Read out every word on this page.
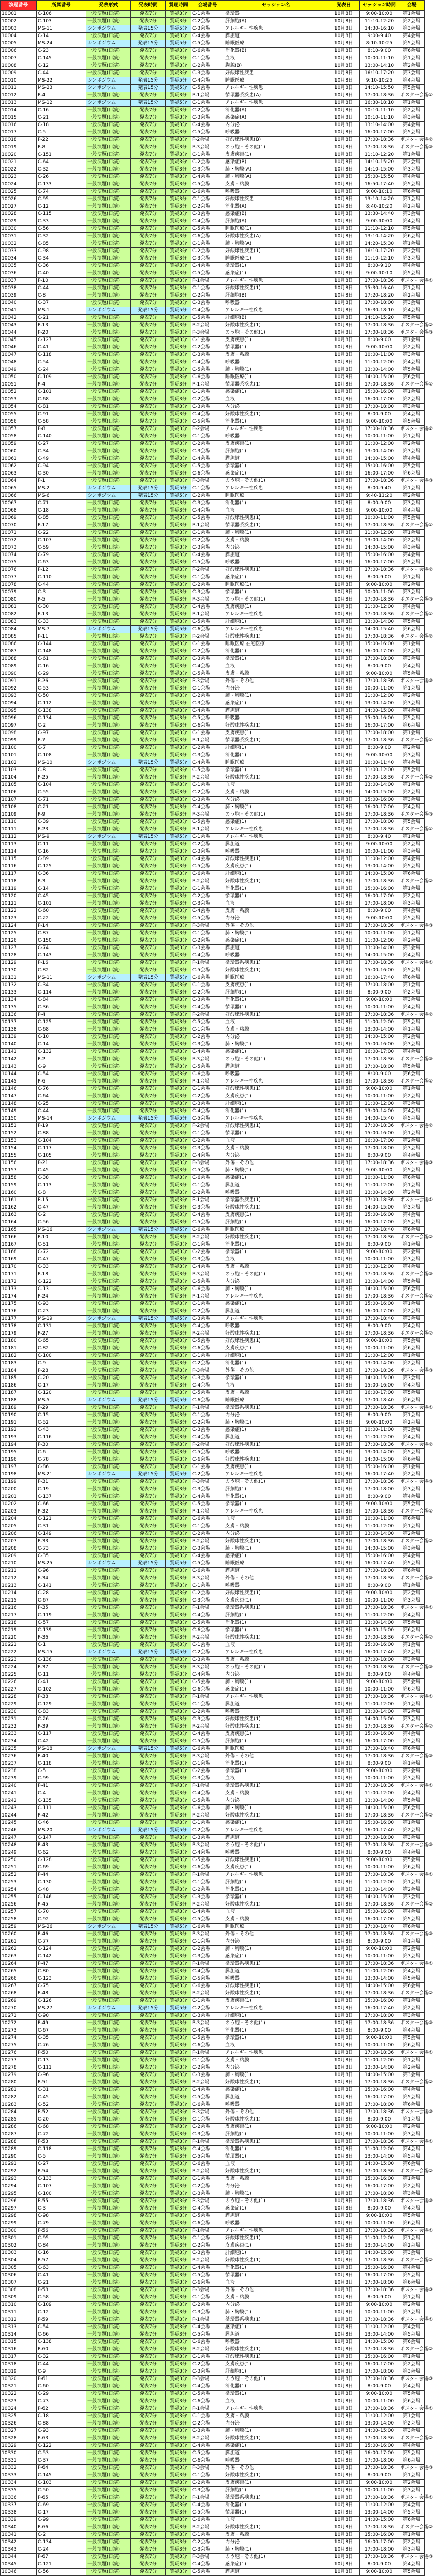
演題番号	所属番号	発表形式	発表時間	質疑時間	会場番号	セッション名	発表日	セッション時間	会場
10001	C-106	一般演題(口演)	発表7分	質疑3分	C-1会場	循環器	10月8日	9:00-10:00	第1会場
10002	C-103	一般演題(口演)	発表7分	質疑3分	C-2会場	肝細胞(A)	10月8日	11:10-12:20	第2会場
10003	MS-11	シンポジウム	発表15分	質疑5分	C-3会場	アレルギー性疾患	10月8日	14:30-16:10	第3会場
10004	C-14	一般演題(口演)	発表7分	質疑3分	C-4会場	膵胆道	10月8日	9:00-9:40	第4会場
10005	MS-24	シンポジウム	発表15分	質疑5分	C-5会場	睡眠医療	10月8日	8:10-10:25	第5会場
10006	C-23	一般演題(口演)	発表7分	質疑3分	C-6会場	消化器(B)	10月8日	8:10-9:00	第6会場
10007	C-145	一般演題(口演)	発表7分	質疑3分	C-1会場	血液	10月8日	10:00-11:10	第1会場
10008	C-12	一般演題(口演)	発表7分	質疑3分	C-2会場	胸腺(B)	10月8日	13:00-14:10	第2会場
10009	C-44	一般演題(口演)	発表7分	質疑3分	C-3会場	好酸球性疾患	10月8日	16:10-17:20	第3会場
10010	MS-22	シンポジウム	発表15分	質疑5分	C-4会場	睡眠医療	10月8日	9:10-10:25	第4会場
10011	MS-23	シンポジウム	発表15分	質疑5分	C-5会場	アレルギー性疾患	10月8日	14:10-15:50	第5会場
10012	P-4	一般演題(口演)	発表7分	質疑3分	P-1会場	循環器系疾患(A)	10月8日	17:00-18:36	ポスター会場①
10013	MS-12	シンポジウム	発表15分	質疑5分	C-1会場	アレルギー性疾患	10月8日	16:30-18:10	第1会場
10014	C-16	一般演題(口演)	発表7分	質疑3分	C-2会場	消化器(A)	10月8日	10:10-11:10	第2会場
10015	C-21	一般演題(口演)	発表7分	質疑3分	C-3会場	感染症(A)	10月8日	10:10-11:10	第3会場
10016	C-18	一般演題(口演)	発表7分	質疑3分	C-4会場	内分泌	10月8日	13:10-14:00	第4会場
10017	C-5	一般演題(口演)	発表7分	質疑3分	C-5会場	呼吸器	10月8日	16:00-17:00	第5会場
10018	P-22	一般演題(口演)	発表7分	質疑3分	P-2会場	好酸球性疾患(B)	10月8日	17:00-18:36	ポスター会場②
10019	P-8	一般演題(口演)	発表7分	質疑3分	P-3会場	のう胞・その他(1)	10月8日	17:00-18:36	ポスター会場③
10020	C-151	一般演題(口演)	発表7分	質疑3分	C-1会場	皮膚疾患(1)	10月8日	11:10-12:20	第1会場
10021	C-64	一般演題(口演)	発表7分	質疑3分	C-2会場	感染症(B)	10月8日	14:10-15:20	第2会場
10022	C-32	一般演題(口演)	発表7分	質疑3分	C-3会場	肺・胸膜(A)	10月8日	14:10-15:00	第3会場
10023	C-26	一般演題(口演)	発表7分	質疑3分	C-4会場	肺・胸膜(A)	10月8日	15:00-15:50	第4会場
10024	C-133	一般演題(口演)	発表7分	質疑3分	C-5会場	皮膚・粘膜	10月8日	16:50-17:40	第5会場
10025	C-74	一般演題(口演)	発表7分	質疑3分	C-6会場	呼吸器	10月8日	9:00-10:10	第6会場
10026	C-95	一般演題(口演)	発表7分	質疑3分	C-1会場	好酸球性疾患	10月8日	13:10-14:20	第1会場
10027	C-12	一般演題(口演)	発表7分	質疑3分	C-2会場	消化器(A)	10月8日	8:40-10:20	第2会場
10028	C-115	一般演題(口演)	発表7分	質疑3分	C-3会場	感染症(B)	10月8日	13:30-14:40	第3会場
10029	C-33	一般演題(口演)	発表7分	質疑3分	C-4会場	肝細胞(A)	10月8日	9:00-10:00	第4会場
10030	C-56	一般演題(口演)	発表7分	質疑3分	C-5会場	睡眠医療(1)	10月8日	11:10-12:10	第5会場
10031	C-32	一般演題(口演)	発表7分	質疑3分	C-6会場	好酸球性疾患(A)	10月8日	13:10-14:20	第6会場
10032	C-85	一般演題(口演)	発表7分	質疑3分	C-1会場	肺・胸膜(A)	10月8日	14:20-15:30	第1会場
10033	C-98	一般演題(口演)	発表7分	質疑3分	C-2会場	好酸球性疾患(1)	10月8日	16:10-17:20	第2会場
10034	C-34	一般演題(口演)	発表7分	質疑3分	C-3会場	睡眠医療(1)	10月8日	11:10-12:10	第3会場
10035	C-36	一般演題(口演)	発表7分	質疑3分	C-4会場	循環器(1)	10月8日	8:00-9:10	第4会場
10036	C-40	一般演題(口演)	発表7分	質疑3分	C-5会場	感染症(1)	10月8日	9:00-10:10	第5会場
10037	P-10	一般演題(口演)	発表7分	質疑3分	P-1会場	アレルギー性疾患	10月8日	17:00-18:36	ポスター会場①
10038	C-44	一般演題(口演)	発表7分	質疑3分	C-1会場	好酸球性疾患(1)	10月8日	15:30-16:40	第1会場
10039	C-8	一般演題(口演)	発表7分	質疑3分	C-2会場	肝細胞(B)	10月8日	17:20-18:20	第2会場
10040	C-37	一般演題(口演)	発表7分	質疑3分	C-3会場	呼吸器	10月8日	17:00-18:00	第3会場
10041	MS-1	シンポジウム	発表15分	質疑5分	C-4会場	アレルギー性疾患	10月8日	16:30-18:10	第4会場
10042	C-21	一般演題(口演)	発表7分	質疑3分	C-5会場	肝細胞(B)	10月8日	14:10-15:20	第5会場
10043	P-13	一般演題(口演)	発表7分	質疑3分	P-2会場	好酸球性疾患(1)	10月8日	17:00-18:36	ポスター会場②
10044	P-20	一般演題(口演)	発表7分	質疑3分	P-3会場	のう胞・その他(1)	10月8日	17:00-18:36	ポスター会場③
10045	C-127	一般演題(口演)	発表7分	質疑3分	C-1会場	皮膚疾患(1)	10月8日	8:00-9:00	第1会場
10046	C-41	一般演題(口演)	発表7分	質疑3分	C-2会場	循環器(1)	10月8日	9:00-10:00	第2会場
10047	C-118	一般演題(口演)	発表7分	質疑3分	C-3会場	皮膚・粘膜	10月8日	10:00-11:00	第3会場
10048	C-54	一般演題(口演)	発表7分	質疑3分	C-4会場	呼吸器	10月8日	11:00-12:00	第4会場
10049	C-24	一般演題(口演)	発表7分	質疑3分	C-5会場	肺・胸膜(1)	10月8日	13:00-14:00	第5会場
10050	C-109	一般演題(口演)	発表7分	質疑3分	C-6会場	睡眠医療(1)	10月8日	14:00-15:00	第6会場
10051	P-4	一般演題(口演)	発表7分	質疑3分	P-1会場	循環器系疾患(1)	10月8日	17:00-18:36	ポスター会場①
10052	C-101	一般演題(口演)	発表7分	質疑3分	C-1会場	感染症(1)	10月8日	15:00-16:00	第1会場
10053	C-68	一般演題(口演)	発表7分	質疑3分	C-2会場	血液	10月8日	16:00-17:00	第2会場
10054	C-81	一般演題(口演)	発表7分	質疑3分	C-3会場	内分泌	10月8日	17:00-18:00	第3会場
10055	C-91	一般演題(口演)	発表7分	質疑3分	C-4会場	好酸球性疾患(1)	10月8日	8:00-9:00	第4会場
10056	C-58	一般演題(口演)	発表7分	質疑3分	C-5会場	消化器(1)	10月8日	9:00-10:00	第5会場
10057	P-8	一般演題(口演)	発表7分	質疑3分	P-2会場	アレルギー性疾患	10月8日	17:00-18:36	ポスター会場②
10058	C-140	一般演題(口演)	発表7分	質疑3分	C-1会場	呼吸器	10月8日	10:00-11:00	第1会場
10059	C-27	一般演題(口演)	発表7分	質疑3分	C-2会場	皮膚疾患(1)	10月8日	11:00-12:00	第2会場
10060	C-34	一般演題(口演)	発表7分	質疑3分	C-3会場	肝細胞(1)	10月8日	13:00-14:00	第3会場
10061	C-49	一般演題(口演)	発表7分	質疑3分	C-4会場	膵胆道	10月8日	14:00-15:00	第4会場
10062	C-94	一般演題(口演)	発表7分	質疑3分	C-5会場	循環器(1)	10月8日	15:00-16:00	第5会場
10063	C-30	一般演題(口演)	発表7分	質疑3分	C-6会場	感染症(1)	10月8日	16:00-17:00	第6会場
10064	P-1	一般演題(口演)	発表7分	質疑3分	P-3会場	のう胞・その他(1)	10月8日	17:00-18:36	ポスター会場③
10065	MS-2	シンポジウム	発表15分	質疑5分	C-1会場	アレルギー性疾患	10月8日	8:00-9:40	第1会場
10066	MS-6	シンポジウム	発表15分	質疑5分	C-2会場	睡眠医療	10月8日	9:40-11:20	第2会場
10067	C-71	一般演題(口演)	発表7分	質疑3分	C-3会場	消化器(1)	10月8日	8:00-9:00	第3会場
10068	C-18	一般演題(口演)	発表7分	質疑3分	C-4会場	血液	10月8日	9:00-10:00	第4会場
10069	C-85	一般演題(口演)	発表7分	質疑3分	C-5会場	好酸球性疾患(1)	10月8日	10:00-11:00	第5会場
10070	P-17	一般演題(口演)	発表7分	質疑3分	P-1会場	循環器系疾患(1)	10月8日	17:00-18:36	ポスター会場①
10071	C-22	一般演題(口演)	発表7分	質疑3分	C-1会場	肺・胸膜(1)	10月8日	11:00-12:00	第1会場
10072	C-107	一般演題(口演)	発表7分	質疑3分	C-2会場	皮膚・粘膜	10月8日	13:00-14:00	第2会場
10073	C-59	一般演題(口演)	発表7分	質疑3分	C-3会場	内分泌	10月8日	14:00-15:00	第3会場
10074	C-79	一般演題(口演)	発表7分	質疑3分	C-4会場	膵胆道	10月8日	15:00-16:00	第4会場
10075	C-63	一般演題(口演)	発表7分	質疑3分	C-5会場	呼吸器	10月8日	16:00-17:00	第5会場
10076	P-12	一般演題(口演)	発表7分	質疑3分	P-2会場	好酸球性疾患(1)	10月8日	17:00-18:36	ポスター会場②
10077	C-110	一般演題(口演)	発表7分	質疑3分	C-1会場	感染症(1)	10月8日	8:00-9:00	第1会場
10078	C-44	一般演題(口演)	発表7分	質疑3分	C-2会場	睡眠医療(1)	10月8日	9:00-10:00	第2会場
10079	C-3	一般演題(口演)	発表7分	質疑3分	C-3会場	循環器(1)	10月8日	10:00-11:00	第3会場
10080	P-5	一般演題(口演)	発表7分	質疑3分	P-3会場	のう胞・その他(1)	10月8日	17:00-18:36	ポスター会場③
10081	C-30	一般演題(口演)	発表7分	質疑3分	C-4会場	皮膚疾患(1)	10月8日	11:00-12:00	第4会場
10082	P-13	一般演題(口演)	発表7分	質疑3分	P-1会場	アレルギー性疾患	10月8日	17:00-18:36	ポスター会場①
10083	C-33	一般演題(口演)	発表7分	質疑3分	C-5会場	肝細胞(1)	10月8日	13:00-14:00	第5会場
10084	MS-7	シンポジウム	発表15分	質疑5分	C-6会場	アレルギー性疾患	10月8日	14:00-15:40	第6会場
10085	P-11	一般演題(口演)	発表7分	質疑3分	P-2会場	好酸球性疾患(1)	10月8日	17:00-18:36	ポスター会場②
10086	C-144	一般演題(口演)	発表7分	質疑3分	C-1会場	睡眠医療 在宅医療	10月8日	15:00-16:00	第1会場
10087	C-148	一般演題(口演)	発表7分	質疑3分	C-2会場	消化器(1)	10月8日	16:00-17:00	第2会場
10088	C-61	一般演題(口演)	発表7分	質疑3分	C-3会場	循環器(1)	10月8日	17:00-18:00	第3会場
10089	C-16	一般演題(口演)	発表7分	質疑3分	C-4会場	血液	10月8日	8:00-9:00	第4会場
10090	C-29	一般演題(口演)	発表7分	質疑3分	C-5会場	皮膚・粘膜	10月8日	9:00-10:00	第5会場
10091	P-26	一般演題(口演)	発表7分	質疑3分	P-3会場	外傷・その他	10月8日	17:00-18:36	ポスター会場③
10092	C-53	一般演題(口演)	発表7分	質疑3分	C-1会場	内分泌	10月8日	10:00-11:00	第1会場
10093	C-50	一般演題(口演)	発表7分	質疑3分	C-2会場	肺・胸膜(1)	10月8日	11:00-12:00	第2会場
10094	C-112	一般演題(口演)	発表7分	質疑3分	C-3会場	感染症(1)	10月8日	13:00-14:00	第3会場
10095	C-138	一般演題(口演)	発表7分	質疑3分	C-4会場	膵胆道	10月8日	14:00-15:00	第4会場
10096	C-134	一般演題(口演)	発表7分	質疑3分	C-5会場	呼吸器	10月8日	15:00-16:00	第5会場
10097	C-2	一般演題(口演)	発表7分	質疑3分	C-6会場	好酸球性疾患(1)	10月8日	16:00-17:00	第6会場
10098	C-97	一般演題(口演)	発表7分	質疑3分	C-1会場	皮膚疾患(1)	10月8日	17:00-18:00	第1会場
10099	P-7	一般演題(口演)	発表7分	質疑3分	P-1会場	循環器系疾患(1)	10月8日	17:00-18:36	ポスター会場①
10100	C-7	一般演題(口演)	発表7分	質疑3分	C-2会場	肝細胞(1)	10月8日	8:00-9:00	第2会場
10101	C-108	一般演題(口演)	発表7分	質疑3分	C-3会場	消化器(1)	10月8日	9:00-10:00	第3会場
10102	MS-10	シンポジウム	発表15分	質疑5分	C-4会場	睡眠医療	10月8日	10:00-11:40	第4会場
10103	C-8	一般演題(口演)	発表7分	質疑3分	C-5会場	循環器(1)	10月8日	11:00-12:00	第5会場
10104	P-25	一般演題(口演)	発表7分	質疑3分	P-2会場	好酸球性疾患(1)	10月8日	17:00-18:36	ポスター会場②
10105	C-104	一般演題(口演)	発表7分	質疑3分	C-1会場	血液	10月8日	13:00-14:00	第1会場
10106	C-55	一般演題(口演)	発表7分	質疑3分	C-2会場	皮膚・粘膜	10月8日	14:00-15:00	第2会場
10107	C-71	一般演題(口演)	発表7分	質疑3分	C-3会場	内分泌	10月8日	15:00-16:00	第3会場
10108	C-21	一般演題(口演)	発表7分	質疑3分	C-4会場	肺・胸膜(1)	10月8日	16:00-17:00	第4会場
10109	P-9	一般演題(口演)	発表7分	質疑3分	P-3会場	のう胞・その他(1)	10月8日	17:00-18:36	ポスター会場③
10110	C-39	一般演題(口演)	発表7分	質疑3分	C-5会場	感染症(1)	10月8日	17:00-18:00	第5会場
10111	P-23	一般演題(口演)	発表7分	質疑3分	P-1会場	アレルギー性疾患	10月8日	17:00-18:36	ポスター会場①
10112	MS-9	シンポジウム	発表15分	質疑5分	C-1会場	アレルギー性疾患	10月8日	8:00-9:40	第1会場
10113	C-11	一般演題(口演)	発表7分	質疑3分	C-2会場	膵胆道	10月8日	9:00-10:00	第2会場
10114	C-16	一般演題(口演)	発表7分	質疑3分	C-3会場	呼吸器	10月8日	10:00-11:00	第3会場
10115	C-89	一般演題(口演)	発表7分	質疑3分	C-4会場	好酸球性疾患(1)	10月8日	11:00-12:00	第4会場
10116	C-125	一般演題(口演)	発表7分	質疑3分	C-5会場	皮膚疾患(1)	10月8日	13:00-14:00	第5会場
10117	C-36	一般演題(口演)	発表7分	質疑3分	C-6会場	肝細胞(1)	10月8日	14:00-15:00	第6会場
10118	P-3	一般演題(口演)	発表7分	質疑3分	P-2会場	好酸球性疾患(1)	10月8日	17:00-18:36	ポスター会場②
10119	C-14	一般演題(口演)	発表7分	質疑3分	C-1会場	消化器(1)	10月8日	15:00-16:00	第1会場
10120	C-45	一般演題(口演)	発表7分	質疑3分	C-2会場	循環器(1)	10月8日	16:00-17:00	第2会場
10121	C-101	一般演題(口演)	発表7分	質疑3分	C-3会場	血液	10月8日	17:00-18:00	第3会場
10122	C-60	一般演題(口演)	発表7分	質疑3分	C-4会場	皮膚・粘膜	10月8日	8:00-9:00	第4会場
10123	C-22	一般演題(口演)	発表7分	質疑3分	C-5会場	内分泌	10月8日	9:00-10:00	第5会場
10124	P-14	一般演題(口演)	発表7分	質疑3分	P-3会場	外傷・その他	10月8日	17:00-18:36	ポスター会場③
10125	C-87	一般演題(口演)	発表7分	質疑3分	C-1会場	肺・胸膜(1)	10月8日	10:00-11:00	第1会場
10126	C-150	一般演題(口演)	発表7分	質疑3分	C-2会場	感染症(1)	10月8日	11:00-12:00	第2会場
10127	C-74	一般演題(口演)	発表7分	質疑3分	C-3会場	膵胆道	10月8日	13:00-14:00	第3会場
10128	C-143	一般演題(口演)	発表7分	質疑3分	C-4会場	呼吸器	10月8日	14:00-15:00	第4会場
10129	P-16	一般演題(口演)	発表7分	質疑3分	P-1会場	循環器系疾患(1)	10月8日	17:00-18:36	ポスター会場①
10130	C-82	一般演題(口演)	発表7分	質疑3分	C-5会場	好酸球性疾患(1)	10月8日	15:00-16:00	第5会場
10131	MS-11	シンポジウム	発表15分	質疑5分	C-6会場	睡眠医療	10月8日	16:00-17:40	第6会場
10132	C-34	一般演題(口演)	発表7分	質疑3分	C-1会場	皮膚疾患(1)	10月8日	17:00-18:00	第1会場
10133	C-114	一般演題(口演)	発表7分	質疑3分	C-2会場	肝細胞(1)	10月8日	8:00-9:00	第2会場
10134	C-84	一般演題(口演)	発表7分	質疑3分	C-3会場	消化器(1)	10月8日	9:00-10:00	第3会場
10135	C-36	一般演題(口演)	発表7分	質疑3分	C-4会場	循環器(1)	10月8日	10:00-11:00	第4会場
10136	P-4	一般演題(口演)	発表7分	質疑3分	P-2会場	好酸球性疾患(1)	10月8日	17:00-18:36	ポスター会場②
10137	C-125	一般演題(口演)	発表7分	質疑3分	C-5会場	血液	10月8日	11:00-12:00	第5会場
10138	C-68	一般演題(口演)	発表7分	質疑3分	C-1会場	皮膚・粘膜	10月8日	13:00-14:00	第1会場
10139	C-10	一般演題(口演)	発表7分	質疑3分	C-2会場	内分泌	10月8日	14:00-15:00	第2会場
10140	C-14	一般演題(口演)	発表7分	質疑3分	C-3会場	肺・胸膜(1)	10月8日	15:00-16:00	第3会場
10141	C-132	一般演題(口演)	発表7分	質疑3分	C-4会場	感染症(1)	10月8日	16:00-17:00	第4会場
10142	P-2	一般演題(口演)	発表7分	質疑3分	P-3会場	のう胞・その他(1)	10月8日	17:00-18:36	ポスター会場③
10143	C-9	一般演題(口演)	発表7分	質疑3分	C-5会場	膵胆道	10月8日	17:00-18:00	第5会場
10144	C-54	一般演題(口演)	発表7分	質疑3分	C-6会場	呼吸器	10月8日	8:00-9:00	第6会場
10145	P-6	一般演題(口演)	発表7分	質疑3分	P-1会場	アレルギー性疾患	10月8日	17:00-18:36	ポスター会場①
10146	C-76	一般演題(口演)	発表7分	質疑3分	C-1会場	好酸球性疾患(1)	10月8日	9:00-10:00	第1会場
10147	C-64	一般演題(口演)	発表7分	質疑3分	C-2会場	皮膚疾患(1)	10月8日	10:00-11:00	第2会場
10148	C-25	一般演題(口演)	発表7分	質疑3分	C-3会場	肝細胞(1)	10月8日	11:00-12:00	第3会場
10149	C-44	一般演題(口演)	発表7分	質疑3分	C-4会場	消化器(1)	10月8日	13:00-14:00	第4会場
10150	MS-14	シンポジウム	発表15分	質疑5分	C-5会場	アレルギー性疾患	10月8日	14:00-15:40	第5会場
10151	P-19	一般演題(口演)	発表7分	質疑3分	P-2会場	好酸球性疾患(1)	10月8日	17:00-18:36	ポスター会場②
10152	C-88	一般演題(口演)	発表7分	質疑3分	C-1会場	循環器(1)	10月8日	15:00-16:00	第1会場
10153	C-104	一般演題(口演)	発表7分	質疑3分	C-2会場	血液	10月8日	16:00-17:00	第2会場
10154	C-117	一般演題(口演)	発表7分	質疑3分	C-3会場	皮膚・粘膜	10月8日	17:00-18:00	第3会場
10155	C-105	一般演題(口演)	発表7分	質疑3分	C-4会場	内分泌	10月8日	8:00-9:00	第4会場
10156	P-21	一般演題(口演)	発表7分	質疑3分	P-3会場	外傷・その他	10月8日	17:00-18:36	ポスター会場③
10157	C-45	一般演題(口演)	発表7分	質疑3分	C-5会場	肺・胸膜(1)	10月8日	9:00-10:00	第5会場
10158	C-38	一般演題(口演)	発表7分	質疑3分	C-6会場	感染症(1)	10月8日	10:00-11:00	第6会場
10159	C-113	一般演題(口演)	発表7分	質疑3分	C-1会場	膵胆道	10月8日	11:00-12:00	第1会場
10160	C-8	一般演題(口演)	発表7分	質疑3分	C-2会場	呼吸器	10月8日	13:00-14:00	第2会場
10161	P-15	一般演題(口演)	発表7分	質疑3分	P-1会場	循環器系疾患(1)	10月8日	17:00-18:36	ポスター会場①
10162	C-47	一般演題(口演)	発表7分	質疑3分	C-3会場	好酸球性疾患(1)	10月8日	14:00-15:00	第3会場
10163	C-2	一般演題(口演)	発表7分	質疑3分	C-4会場	皮膚疾患(1)	10月8日	15:00-16:00	第4会場
10164	C-56	一般演題(口演)	発表7分	質疑3分	C-5会場	肝細胞(1)	10月8日	16:00-17:00	第5会場
10165	MS-16	シンポジウム	発表15分	質疑5分	C-6会場	睡眠医療	10月8日	17:00-18:40	第6会場
10166	P-10	一般演題(口演)	発表7分	質疑3分	P-2会場	好酸球性疾患(1)	10月8日	17:00-18:36	ポスター会場②
10167	C-51	一般演題(口演)	発表7分	質疑3分	C-1会場	消化器(1)	10月8日	8:00-9:00	第1会場
10168	C-72	一般演題(口演)	発表7分	質疑3分	C-2会場	循環器(1)	10月8日	9:00-10:00	第2会場
10169	C-47	一般演題(口演)	発表7分	質疑3分	C-3会場	血液	10月8日	10:00-11:00	第3会場
10170	C-33	一般演題(口演)	発表7分	質疑3分	C-4会場	皮膚・粘膜	10月8日	11:00-12:00	第4会場
10171	P-18	一般演題(口演)	発表7分	質疑3分	P-3会場	のう胞・その他(1)	10月8日	17:00-18:36	ポスター会場③
10172	C-122	一般演題(口演)	発表7分	質疑3分	C-5会場	内分泌	10月8日	13:00-14:00	第5会場
10173	C-13	一般演題(口演)	発表7分	質疑3分	C-6会場	肺・胸膜(1)	10月8日	14:00-15:00	第6会場
10174	P-24	一般演題(口演)	発表7分	質疑3分	P-1会場	アレルギー性疾患	10月8日	17:00-18:36	ポスター会場①
10175	C-93	一般演題(口演)	発表7分	質疑3分	C-1会場	感染症(1)	10月8日	15:00-16:00	第1会場
10176	C-23	一般演題(口演)	発表7分	質疑3分	C-2会場	膵胆道	10月8日	16:00-17:00	第2会場
10177	MS-19	シンポジウム	発表15分	質疑5分	C-3会場	アレルギー性疾患	10月8日	17:00-18:40	第3会場
10178	C-131	一般演題(口演)	発表7分	質疑3分	C-4会場	呼吸器	10月8日	8:00-9:00	第4会場
10179	P-27	一般演題(口演)	発表7分	質疑3分	P-2会場	好酸球性疾患(1)	10月8日	17:00-18:36	ポスター会場②
10180	C-65	一般演題(口演)	発表7分	質疑3分	C-5会場	好酸球性疾患(1)	10月8日	9:00-10:00	第5会場
10181	C-82	一般演題(口演)	発表7分	質疑3分	C-6会場	皮膚疾患(1)	10月8日	10:00-11:00	第6会場
10182	C-100	一般演題(口演)	発表7分	質疑3分	C-1会場	肝細胞(1)	10月8日	11:00-12:00	第1会場
10183	C-9	一般演題(口演)	発表7分	質疑3分	C-2会場	消化器(1)	10月8日	13:00-14:00	第2会場
10184	P-28	一般演題(口演)	発表7分	質疑3分	P-3会場	外傷・その他	10月8日	17:00-18:36	ポスター会場③
10185	C-20	一般演題(口演)	発表7分	質疑3分	C-3会場	循環器(1)	10月8日	14:00-15:00	第3会場
10186	C-17	一般演題(口演)	発表7分	質疑3分	C-4会場	血液	10月8日	15:00-16:00	第4会場
10187	C-120	一般演題(口演)	発表7分	質疑3分	C-5会場	皮膚・粘膜	10月8日	16:00-17:00	第5会場
10188	MS-5	シンポジウム	発表15分	質疑5分	C-6会場	睡眠医療	10月8日	17:00-18:40	第6会場
10189	P-29	一般演題(口演)	発表7分	質疑3分	P-1会場	循環器系疾患(1)	10月8日	17:00-18:36	ポスター会場①
10190	C-15	一般演題(口演)	発表7分	質疑3分	C-1会場	内分泌	10月8日	8:00-9:00	第1会場
10191	C-52	一般演題(口演)	発表7分	質疑3分	C-2会場	肺・胸膜(1)	10月8日	9:00-10:00	第2会場
10192	C-43	一般演題(口演)	発表7分	質疑3分	C-3会場	感染症(1)	10月8日	10:00-11:00	第3会場
10193	C-116	一般演題(口演)	発表7分	質疑3分	C-4会場	膵胆道	10月8日	11:00-12:00	第4会場
10194	P-30	一般演題(口演)	発表7分	質疑3分	P-2会場	好酸球性疾患(1)	10月8日	17:00-18:36	ポスター会場②
10195	C-6	一般演題(口演)	発表7分	質疑3分	C-5会場	呼吸器	10月8日	13:00-14:00	第5会場
10196	C-78	一般演題(口演)	発表7分	質疑3分	C-6会場	好酸球性疾患(1)	10月8日	14:00-15:00	第6会場
10197	C-86	一般演題(口演)	発表7分	質疑3分	C-1会場	皮膚疾患(1)	10月8日	15:00-16:00	第1会場
10198	MS-21	シンポジウム	発表15分	質疑5分	C-2会場	アレルギー性疾患	10月8日	16:00-17:40	第2会場
10199	P-31	一般演題(口演)	発表7分	質疑3分	P-3会場	のう胞・その他(1)	10月8日	17:00-18:36	ポスター会場③
10200	C-19	一般演題(口演)	発表7分	質疑3分	C-3会場	肝細胞(1)	10月8日	17:00-18:00	第3会場
10201	C-137	一般演題(口演)	発表7分	質疑3分	C-4会場	消化器(1)	10月8日	8:00-9:00	第4会場
10202	C-66	一般演題(口演)	発表7分	質疑3分	C-5会場	循環器(1)	10月8日	9:00-10:00	第5会場
10203	P-32	一般演題(口演)	発表7分	質疑3分	P-1会場	アレルギー性疾患	10月8日	17:00-18:36	ポスター会場①
10204	C-121	一般演題(口演)	発表7分	質疑3分	C-6会場	血液	10月8日	10:00-11:00	第6会場
10205	C-31	一般演題(口演)	発表7分	質疑3分	C-1会場	皮膚・粘膜	10月8日	11:00-12:00	第1会場
10206	C-149	一般演題(口演)	発表7分	質疑3分	C-2会場	内分泌	10月8日	13:00-14:00	第2会場
10207	P-33	一般演題(口演)	発表7分	質疑3分	P-2会場	好酸球性疾患(1)	10月8日	17:00-18:36	ポスター会場②
10208	C-73	一般演題(口演)	発表7分	質疑3分	C-3会場	肺・胸膜(1)	10月8日	14:00-15:00	第3会場
10209	C-35	一般演題(口演)	発表7分	質疑3分	C-4会場	感染症(1)	10月8日	15:00-16:00	第4会場
10210	MS-25	シンポジウム	発表15分	質疑5分	C-5会場	睡眠医療	10月8日	16:00-17:40	第5会場
10211	C-96	一般演題(口演)	発表7分	質疑3分	C-6会場	膵胆道	10月8日	17:00-18:00	第6会場
10212	P-34	一般演題(口演)	発表7分	質疑3分	P-3会場	外傷・その他	10月8日	17:00-18:36	ポスター会場③
10213	C-141	一般演題(口演)	発表7分	質疑3分	C-1会場	呼吸器	10月8日	8:00-9:00	第1会場
10214	C-28	一般演題(口演)	発表7分	質疑3分	C-2会場	好酸球性疾患(1)	10月8日	9:00-10:00	第2会場
10215	C-67	一般演題(口演)	発表7分	質疑3分	C-3会場	皮膚疾患(1)	10月8日	10:00-11:00	第3会場
10216	P-35	一般演題(口演)	発表7分	質疑3分	P-1会場	循環器系疾患(1)	10月8日	17:00-18:36	ポスター会場①
10217	C-119	一般演題(口演)	発表7分	質疑3分	C-4会場	肝細胞(1)	10月8日	11:00-12:00	第4会場
10218	C-57	一般演題(口演)	発表7分	質疑3分	C-5会場	消化器(1)	10月8日	13:00-14:00	第5会場
10219	C-139	一般演題(口演)	発表7分	質疑3分	C-6会場	循環器(1)	10月8日	14:00-15:00	第6会場
10220	P-36	一般演題(口演)	発表7分	質疑3分	P-2会場	好酸球性疾患(1)	10月8日	17:00-18:36	ポスター会場②
10221	C-1	一般演題(口演)	発表7分	質疑3分	C-1会場	血液	10月8日	15:00-16:00	第1会場
10222	MS-15	シンポジウム	発表15分	質疑5分	C-2会場	アレルギー性疾患	10月8日	16:00-17:40	第2会場
10223	C-136	一般演題(口演)	発表7分	質疑3分	C-3会場	皮膚・粘膜	10月8日	17:00-18:00	第3会場
10224	P-37	一般演題(口演)	発表7分	質疑3分	P-3会場	のう胞・その他(1)	10月8日	17:00-18:36	ポスター会場③
10225	C-11	一般演題(口演)	発表7分	質疑3分	C-4会場	内分泌	10月8日	8:00-9:00	第4会場
10226	C-41	一般演題(口演)	発表7分	質疑3分	C-5会場	肺・胸膜(1)	10月8日	9:00-10:00	第5会場
10227	C-102	一般演題(口演)	発表7分	質疑3分	C-6会場	感染症(1)	10月8日	10:00-11:00	第6会場
10228	P-38	一般演題(口演)	発表7分	質疑3分	P-1会場	アレルギー性疾患	10月8日	17:00-18:36	ポスター会場①
10229	C-129	一般演題(口演)	発表7分	質疑3分	C-1会場	膵胆道	10月8日	11:00-12:00	第1会場
10230	C-83	一般演題(口演)	発表7分	質疑3分	C-2会場	呼吸器	10月8日	13:00-14:00	第2会場
10231	C-26	一般演題(口演)	発表7分	質疑3分	C-3会場	好酸球性疾患(1)	10月8日	14:00-15:00	第3会場
10232	P-39	一般演題(口演)	発表7分	質疑3分	P-2会場	好酸球性疾患(1)	10月8日	17:00-18:36	ポスター会場②
10233	C-117	一般演題(口演)	発表7分	質疑3分	C-4会場	皮膚疾患(1)	10月8日	15:00-16:00	第4会場
10234	C-42	一般演題(口演)	発表7分	質疑3分	C-5会場	肝細胞(1)	10月8日	16:00-17:00	第5会場
10235	MS-18	シンポジウム	発表15分	質疑5分	C-6会場	睡眠医療	10月8日	17:00-18:40	第6会場
10236	P-40	一般演題(口演)	発表7分	質疑3分	P-3会場	外傷・その他	10月8日	17:00-18:36	ポスター会場③
10237	C-118	一般演題(口演)	発表7分	質疑3分	C-1会場	消化器(1)	10月8日	8:00-9:00	第1会場
10238	C-5	一般演題(口演)	発表7分	質疑3分	C-2会場	循環器(1)	10月8日	9:00-10:00	第2会場
10239	C-99	一般演題(口演)	発表7分	質疑3分	C-3会場	血液	10月8日	10:00-11:00	第3会場
10240	P-41	一般演題(口演)	発表7分	質疑3分	P-1会場	循環器系疾患(1)	10月8日	17:00-18:36	ポスター会場①
10241	C-4	一般演題(口演)	発表7分	質疑3分	C-4会場	皮膚・粘膜	10月8日	11:00-12:00	第4会場
10242	C-135	一般演題(口演)	発表7分	質疑3分	C-5会場	内分泌	10月8日	13:00-14:00	第5会場
10243	C-111	一般演題(口演)	発表7分	質疑3分	C-6会場	肺・胸膜(1)	10月8日	14:00-15:00	第6会場
10244	P-42	一般演題(口演)	発表7分	質疑3分	P-2会場	好酸球性疾患(1)	10月8日	17:00-18:36	ポスター会場②
10245	C-46	一般演題(口演)	発表7分	質疑3分	C-1会場	感染症(1)	10月8日	15:00-16:00	第1会場
10246	MS-20	シンポジウム	発表15分	質疑5分	C-2会場	アレルギー性疾患	10月8日	16:00-17:40	第2会場
10247	C-147	一般演題(口演)	発表7分	質疑3分	C-3会場	膵胆道	10月8日	17:00-18:00	第3会場
10248	P-43	一般演題(口演)	発表7分	質疑3分	P-3会場	のう胞・その他(1)	10月8日	17:00-18:36	ポスター会場③
10249	C-62	一般演題(口演)	発表7分	質疑3分	C-4会場	呼吸器	10月8日	8:00-9:00	第4会場
10250	C-128	一般演題(口演)	発表7分	質疑3分	C-5会場	好酸球性疾患(1)	10月8日	9:00-10:00	第5会場
10251	C-69	一般演題(口演)	発表7分	質疑3分	C-6会場	皮膚疾患(1)	10月8日	10:00-11:00	第6会場
10252	P-44	一般演題(口演)	発表7分	質疑3分	P-1会場	アレルギー性疾患	10月8日	17:00-18:36	ポスター会場①
10253	C-130	一般演題(口演)	発表7分	質疑3分	C-1会場	肝細胞(1)	10月8日	11:00-12:00	第1会場
10254	C-48	一般演題(口演)	発表7分	質疑3分	C-2会場	消化器(1)	10月8日	13:00-14:00	第2会場
10255	C-146	一般演題(口演)	発表7分	質疑3分	C-3会場	循環器(1)	10月8日	14:00-15:00	第3会場
10256	P-45	一般演題(口演)	発表7分	質疑3分	P-2会場	好酸球性疾患(1)	10月8日	17:00-18:36	ポスター会場②
10257	C-70	一般演題(口演)	発表7分	質疑3分	C-4会場	血液	10月8日	15:00-16:00	第4会場
10258	C-92	一般演題(口演)	発表7分	質疑3分	C-5会場	皮膚・粘膜	10月8日	16:00-17:00	第5会場
10259	MS-26	シンポジウム	発表15分	質疑5分	C-6会場	睡眠医療	10月8日	17:00-18:40	第6会場
10260	P-46	一般演題(口演)	発表7分	質疑3分	P-3会場	外傷・その他	10月8日	17:00-18:36	ポスター会場③
10261	C-77	一般演題(口演)	発表7分	質疑3分	C-1会場	内分泌	10月8日	8:00-9:00	第1会場
10262	C-124	一般演題(口演)	発表7分	質疑3分	C-2会場	肺・胸膜(1)	10月8日	9:00-10:00	第2会場
10263	C-142	一般演題(口演)	発表7分	質疑3分	C-3会場	感染症(1)	10月8日	10:00-11:00	第3会場
10264	P-47	一般演題(口演)	発表7分	質疑3分	P-1会場	循環器系疾患(1)	10月8日	17:00-18:36	ポスター会場①
10265	C-80	一般演題(口演)	発表7分	質疑3分	C-4会場	膵胆道	10月8日	11:00-12:00	第4会場
10266	C-123	一般演題(口演)	発表7分	質疑3分	C-5会場	呼吸器	10月8日	13:00-14:00	第5会場
10267	C-75	一般演題(口演)	発表7分	質疑3分	C-6会場	好酸球性疾患(1)	10月8日	14:00-15:00	第6会場
10268	P-48	一般演題(口演)	発表7分	質疑3分	P-2会場	好酸球性疾患(1)	10月8日	17:00-18:36	ポスター会場②
10269	C-126	一般演題(口演)	発表7分	質疑3分	C-1会場	皮膚疾患(1)	10月8日	15:00-16:00	第1会場
10270	MS-27	シンポジウム	発表15分	質疑5分	C-2会場	アレルギー性疾患	10月8日	16:00-17:40	第2会場
10271	C-90	一般演題(口演)	発表7分	質疑3分	C-3会場	肝細胞(1)	10月8日	17:00-18:00	第3会場
10272	P-49	一般演題(口演)	発表7分	質疑3分	P-3会場	のう胞・その他(1)	10月8日	17:00-18:36	ポスター会場③
10273	C-67	一般演題(口演)	発表7分	質疑3分	C-4会場	消化器(1)	10月8日	8:00-9:00	第4会場
10274	C-35	一般演題(口演)	発表7分	質疑3分	C-5会場	循環器(1)	10月8日	9:00-10:00	第5会場
10275	C-76	一般演題(口演)	発表7分	質疑3分	C-6会場	血液	10月8日	10:00-11:00	第6会場
10276	P-50	一般演題(口演)	発表7分	質疑3分	P-1会場	アレルギー性疾患	10月8日	17:00-18:36	ポスター会場①
10277	C-13	一般演題(口演)	発表7分	質疑3分	C-1会場	皮膚・粘膜	10月8日	11:00-12:00	第1会場
10278	C-111	一般演題(口演)	発表7分	質疑3分	C-2会場	内分泌	10月8日	13:00-14:00	第2会場
10279	C-96	一般演題(口演)	発表7分	質疑3分	C-3会場	肺・胸膜(1)	10月8日	14:00-15:00	第3会場
10280	P-51	一般演題(口演)	発表7分	質疑3分	P-2会場	好酸球性疾患(1)	10月8日	17:00-18:36	ポスター会場②
10281	C-31	一般演題(口演)	発表7分	質疑3分	C-4会場	感染症(1)	10月8日	15:00-16:00	第4会場
10282	C-45	一般演題(口演)	発表7分	質疑3分	C-5会場	膵胆道	10月8日	16:00-17:00	第5会場
10283	C-52	一般演題(口演)	発表7分	質疑3分	C-6会場	呼吸器	10月8日	17:00-18:00	第6会場
10284	P-52	一般演題(口演)	発表7分	質疑3分	P-3会場	外傷・その他	10月8日	17:00-18:36	ポスター会場③
10285	C-20	一般演題(口演)	発表7分	質疑3分	C-1会場	好酸球性疾患(1)	10月8日	8:00-9:00	第1会場
10286	C-68	一般演題(口演)	発表7分	質疑3分	C-2会場	皮膚疾患(1)	10月8日	9:00-10:00	第2会場
10287	C-72	一般演題(口演)	発表7分	質疑3分	C-3会場	肝細胞(1)	10月8日	10:00-11:00	第3会場
10288	P-53	一般演題(口演)	発表7分	質疑3分	P-1会場	循環器系疾患(1)	10月8日	17:00-18:36	ポスター会場①
10289	C-118	一般演題(口演)	発表7分	質疑3分	C-4会場	消化器(1)	10月8日	11:00-12:00	第4会場
10290	C-5	一般演題(口演)	発表7分	質疑3分	C-5会場	循環器(1)	10月8日	13:00-14:00	第5会場
10291	C-27	一般演題(口演)	発表7分	質疑3分	C-6会場	血液	10月8日	14:00-15:00	第6会場
10292	P-54	一般演題(口演)	発表7分	質疑3分	P-2会場	好酸球性疾患(1)	10月8日	17:00-18:36	ポスター会場②
10293	C-133	一般演題(口演)	発表7分	質疑3分	C-1会場	皮膚・粘膜	10月8日	15:00-16:00	第1会場
10294	C-107	一般演題(口演)	発表7分	質疑3分	C-2会場	内分泌	10月8日	16:00-17:00	第2会場
10295	C-100	一般演題(口演)	発表7分	質疑3分	C-3会場	肺・胸膜(1)	10月8日	17:00-18:00	第3会場
10296	P-55	一般演題(口演)	発表7分	質疑3分	P-3会場	のう胞・その他(1)	10月8日	17:00-18:36	ポスター会場③
10297	C-3	一般演題(口演)	発表7分	質疑3分	C-4会場	感染症(1)	10月8日	8:00-9:00	第4会場
10298	C-98	一般演題(口演)	発表7分	質疑3分	C-5会場	膵胆道	10月8日	9:00-10:00	第5会場
10299	C-79	一般演題(口演)	発表7分	質疑3分	C-6会場	呼吸器	10月8日	10:00-11:00	第6会場
10300	P-56	一般演題(口演)	発表7分	質疑3分	P-1会場	アレルギー性疾患	10月8日	17:00-18:36	ポスター会場①
10301	C-95	一般演題(口演)	発表7分	質疑3分	C-1会場	好酸球性疾患(1)	10月8日	11:00-12:00	第1会場
10302	C-84	一般演題(口演)	発表7分	質疑3分	C-2会場	皮膚疾患(1)	10月8日	13:00-14:00	第2会場
10303	C-16	一般演題(口演)	発表7分	質疑3分	C-3会場	肝細胞(1)	10月8日	14:00-15:00	第3会場
10304	P-57	一般演題(口演)	発表7分	質疑3分	P-2会場	好酸球性疾患(1)	10月8日	17:00-18:36	ポスター会場②
10305	C-63	一般演題(口演)	発表7分	質疑3分	C-4会場	消化器(1)	10月8日	15:00-16:00	第4会場
10306	C-41	一般演題(口演)	発表7分	質疑3分	C-5会場	循環器(1)	10月8日	16:00-17:00	第5会場
10307	C-21	一般演題(口演)	発表7分	質疑3分	C-6会場	血液	10月8日	17:00-18:00	第6会場
10308	P-58	一般演題(口演)	発表7分	質疑3分	P-3会場	外傷・その他	10月8日	17:00-18:36	ポスター会場③
10309	C-58	一般演題(口演)	発表7分	質疑3分	C-1会場	皮膚・粘膜	10月8日	8:00-9:00	第1会場
10310	C-109	一般演題(口演)	発表7分	質疑3分	C-2会場	内分泌	10月8日	9:00-10:00	第2会場
10311	C-12	一般演題(口演)	発表7分	質疑3分	C-3会場	肺・胸膜(1)	10月8日	10:00-11:00	第3会場
10312	P-59	一般演題(口演)	発表7分	質疑3分	P-1会場	循環器系疾患(1)	10月8日	17:00-18:36	ポスター会場①
10313	C-54	一般演題(口演)	発表7分	質疑3分	C-4会場	感染症(1)	10月8日	11:00-12:00	第4会場
10314	C-66	一般演題(口演)	発表7分	質疑3分	C-5会場	膵胆道	10月8日	13:00-14:00	第5会場
10315	C-138	一般演題(口演)	発表7分	質疑3分	C-6会場	呼吸器	10月8日	14:00-15:00	第6会場
10316	P-60	一般演題(口演)	発表7分	質疑3分	P-2会場	好酸球性疾患(1)	10月8日	17:00-18:36	ポスター会場②
10317	C-32	一般演題(口演)	発表7分	質疑3分	C-1会場	好酸球性疾患(1)	10月8日	15:00-16:00	第1会場
10318	C-44	一般演題(口演)	発表7分	質疑3分	C-2会場	皮膚疾患(1)	10月8日	16:00-17:00	第2会場
10319	C-9	一般演題(口演)	発表7分	質疑3分	C-3会場	肝細胞(1)	10月8日	17:00-18:00	第3会場
10320	P-61	一般演題(口演)	発表7分	質疑3分	P-3会場	のう胞・その他(1)	10月8日	17:00-18:36	ポスター会場③
10321	C-60	一般演題(口演)	発表7分	質疑3分	C-4会場	消化器(1)	10月8日	8:00-9:00	第4会場
10322	C-29	一般演題(口演)	発表7分	質疑3分	C-5会場	循環器(1)	10月8日	9:00-10:00	第5会場
10323	C-73	一般演題(口演)	発表7分	質疑3分	C-6会場	血液	10月8日	10:00-11:00	第6会場
10324	P-62	一般演題(口演)	発表7分	質疑3分	P-1会場	アレルギー性疾患	10月8日	17:00-18:36	ポスター会場①
10325	C-18	一般演題(口演)	発表7分	質疑3分	C-1会場	皮膚・粘膜	10月8日	11:00-12:00	第1会場
10326	C-88	一般演題(口演)	発表7分	質疑3分	C-2会場	内分泌	10月8日	13:00-14:00	第2会場
10327	C-93	一般演題(口演)	発表7分	質疑3分	C-3会場	肺・胸膜(1)	10月8日	14:00-15:00	第3会場
10328	P-63	一般演題(口演)	発表7分	質疑3分	P-2会場	好酸球性疾患(1)	10月8日	17:00-18:36	ポスター会場②
10329	C-122	一般演題(口演)	発表7分	質疑3分	C-4会場	感染症(1)	10月8日	15:00-16:00	第4会場
10330	C-53	一般演題(口演)	発表7分	質疑3分	C-5会場	膵胆道	10月8日	16:00-17:00	第5会場
10331	C-37	一般演題(口演)	発表7分	質疑3分	C-6会場	呼吸器	10月8日	17:00-18:00	第6会場
10332	P-64	一般演題(口演)	発表7分	質疑3分	P-3会場	外傷・その他	10月8日	17:00-18:36	ポスター会場③
10333	C-145	一般演題(口演)	発表7分	質疑3分	C-1会場	好酸球性疾患(1)	10月8日	8:00-9:00	第1会場
10334	C-103	一般演題(口演)	発表7分	質疑3分	C-2会場	皮膚疾患(1)	10月8日	9:00-10:00	第2会場
10335	C-50	一般演題(口演)	発表7分	質疑3分	C-3会場	肝細胞(1)	10月8日	10:00-11:00	第3会場
10336	P-65	一般演題(口演)	発表7分	質疑3分	P-1会場	循環器系疾患(1)	10月8日	17:00-18:36	ポスター会場①
10337	C-69	一般演題(口演)	発表7分	質疑3分	C-4会場	消化器(1)	10月8日	11:00-12:00	第4会場
10338	C-17	一般演題(口演)	発表7分	質疑3分	C-5会場	循環器(1)	10月8日	13:00-14:00	第5会場
10339	C-99	一般演題(口演)	発表7分	質疑3分	C-6会場	血液	10月8日	14:00-15:00	第6会場
10340	P-66	一般演題(口演)	発表7分	質疑3分	P-2会場	好酸球性疾患(1)	10月8日	17:00-18:36	ポスター会場②
10341	C-2	一般演題(口演)	発表7分	質疑3分	C-1会場	皮膚・粘膜	10月8日	15:00-16:00	第1会場
10342	C-134	一般演題(口演)	発表7分	質疑3分	C-2会場	内分泌	10月8日	16:00-17:00	第2会場
10343	C-24	一般演題(口演)	発表7分	質疑3分	C-3会場	肺・胸膜(1)	10月8日	17:00-18:00	第3会場
10344	P-67	一般演題(口演)	発表7分	質疑3分	P-3会場	のう胞・その他(1)	10月8日	17:00-18:36	ポスター会場③
10345	C-121	一般演題(口演)	発表7分	質疑3分	C-4会場	感染症(1)	10月8日	8:00-9:00	第4会場
10346	C-56	一般演題(口演)	発表7分	質疑3分	C-5会場	膵胆道	10月8日	9:00-10:00	第5会場
